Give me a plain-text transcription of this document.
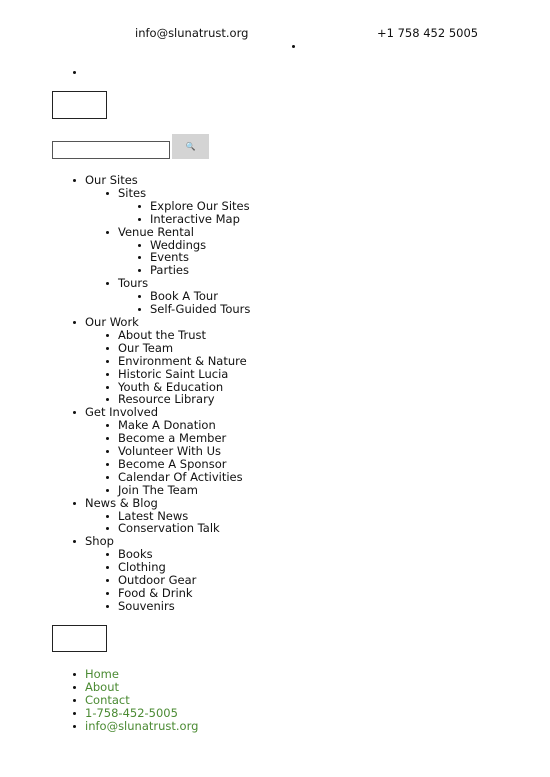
info@slunatrust.org	+1 758 452 5005
🔍
Our Sites
Sites
Explore Our Sites
Interactive Map
Venue Rental
Weddings
Events
Parties
Tours
Book A Tour
Self-Guided Tours
Our Work
About the Trust
Our Team
Environment & Nature
Historic Saint Lucia
Youth & Education
Resource Library
Get Involved
Make A Donation
Become a Member
Volunteer With Us
Become A Sponsor
Calendar Of Activities
Join The Team
News & Blog
Latest News
Conservation Talk
Shop
Books
Clothing
Outdoor Gear
Food & Drink
Souvenirs
Home
About
Contact
1-758-452-5005
info@slunatrust.org
